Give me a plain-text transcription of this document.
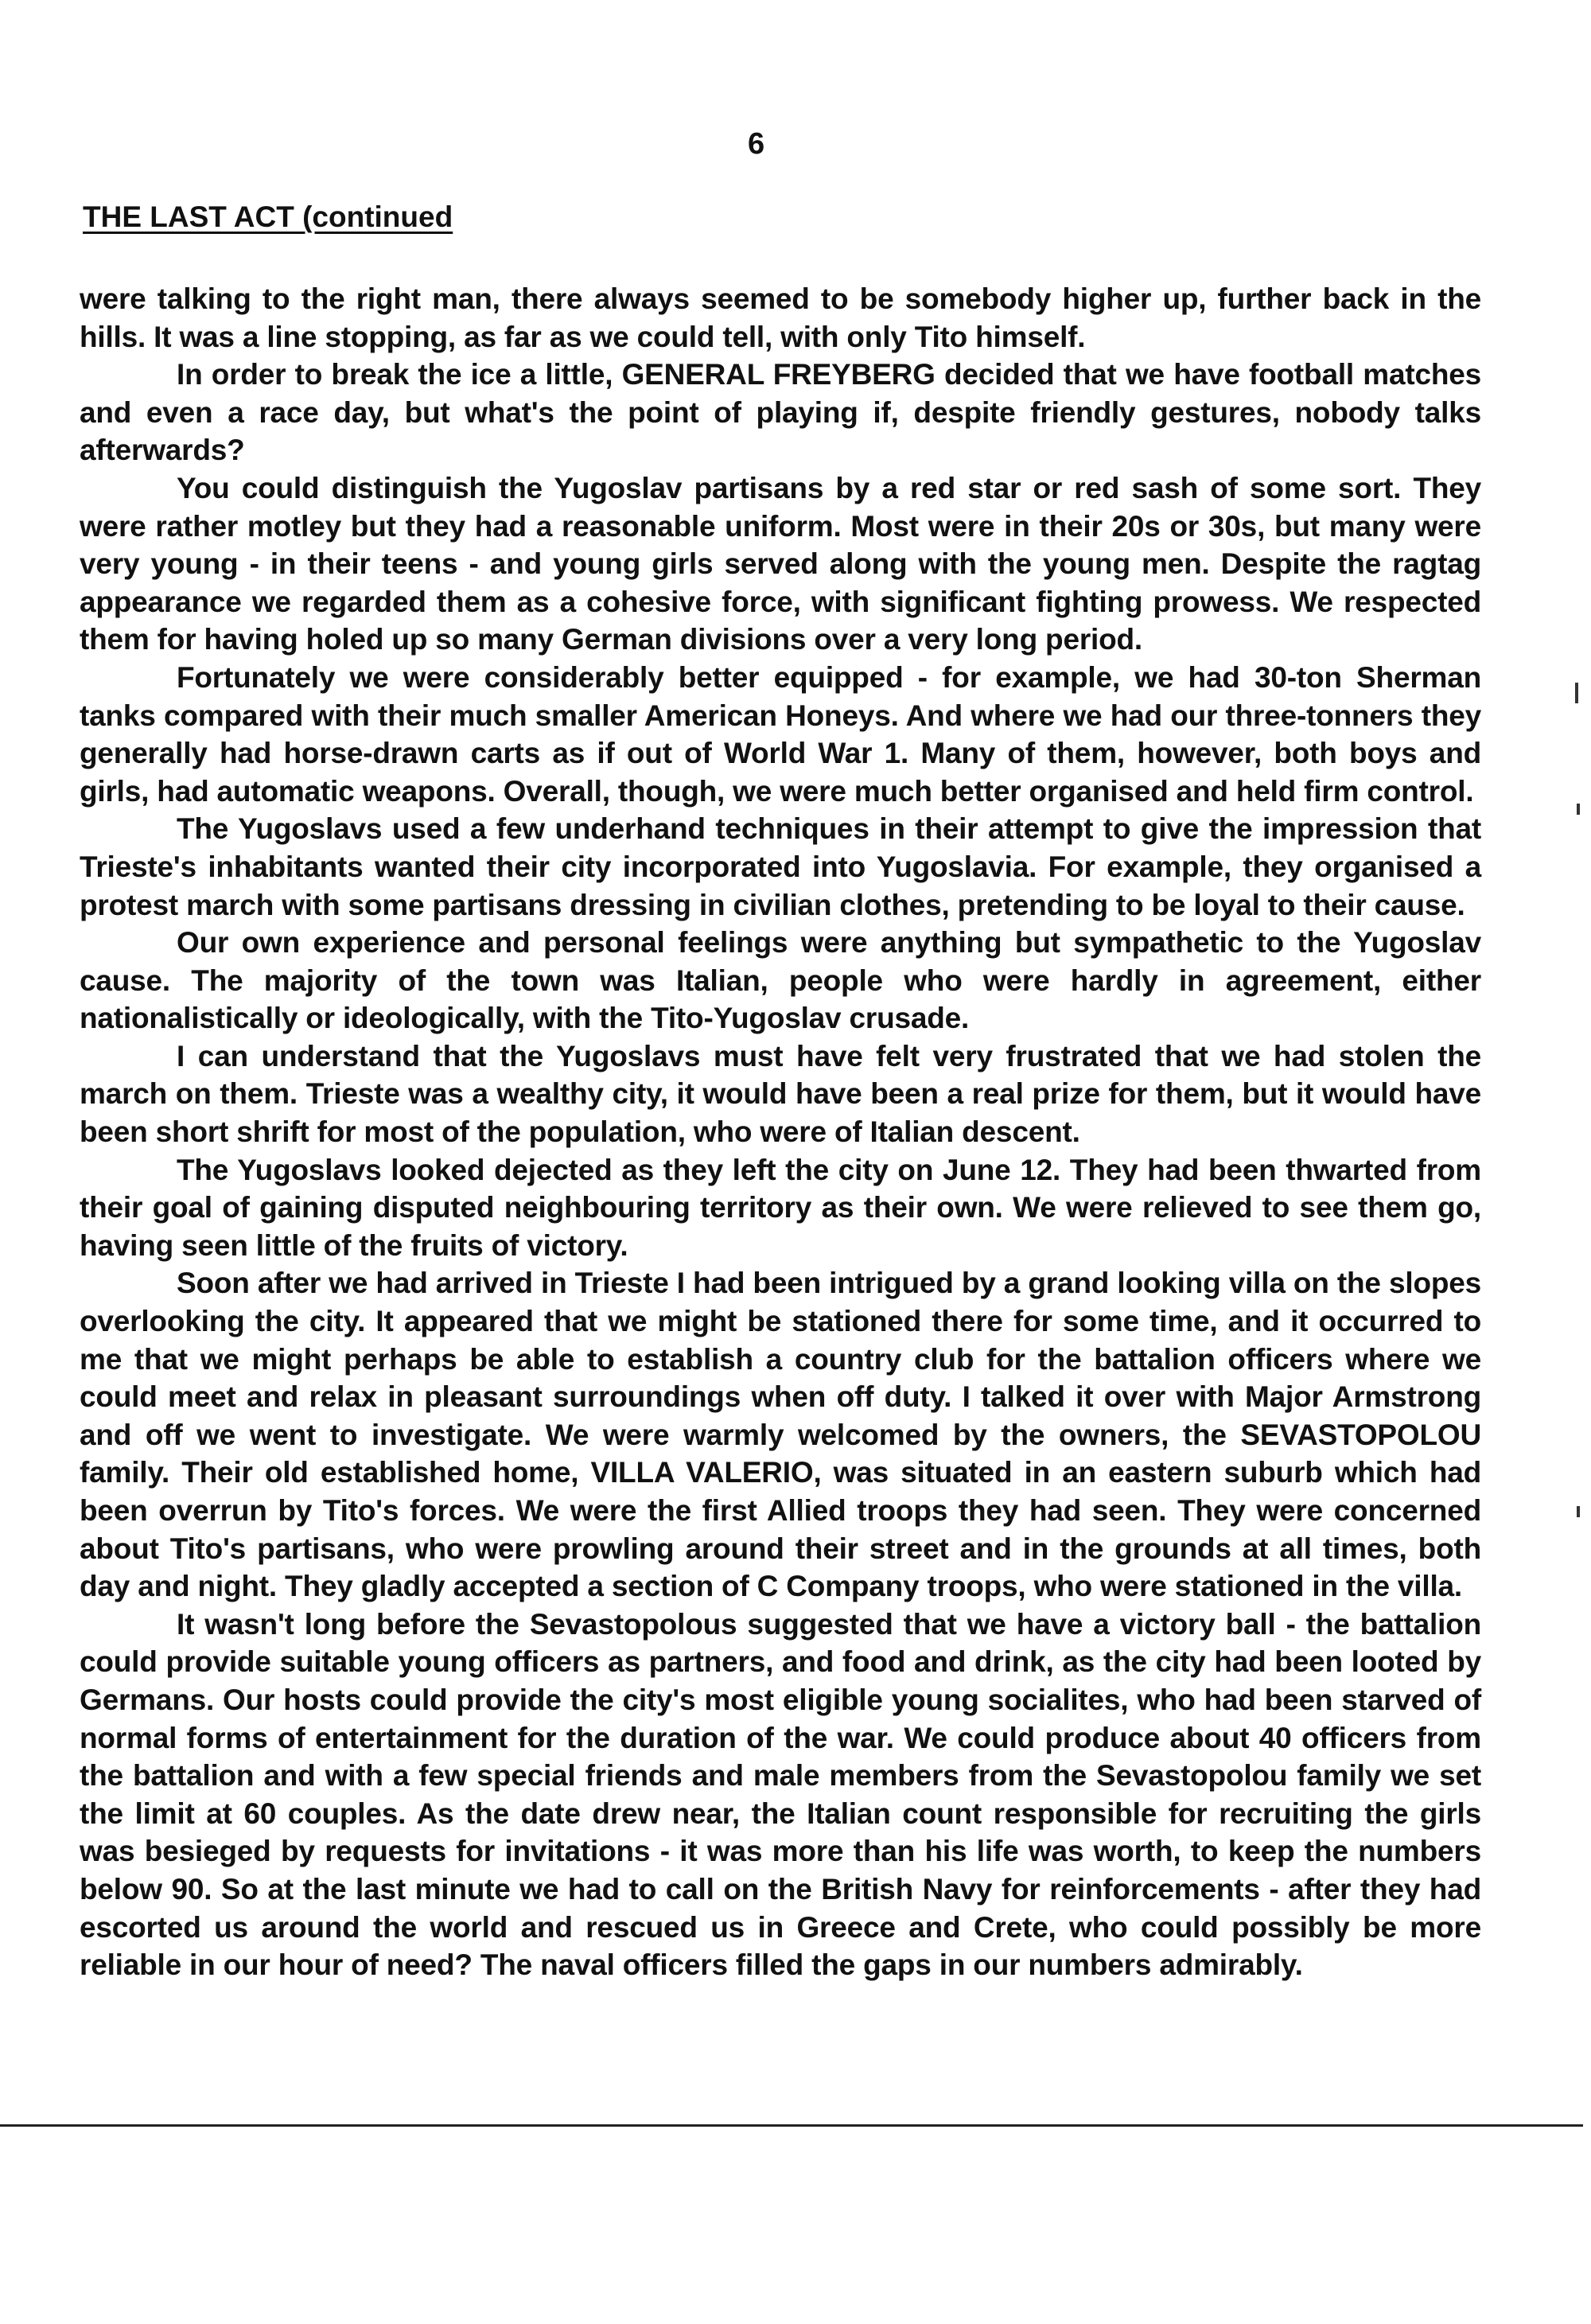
6
THE LAST ACT (continued

were talking to the right man, there always seemed to be somebody higher up, further back in the hills. It was a line stopping, as far as we could tell, with only Tito himself.

In order to break the ice a little, GENERAL FREYBERG decided that we have football matches and even a race day, but what's the point of playing if, despite friendly gestures, nobody talks afterwards?

You could distinguish the Yugoslav partisans by a red star or red sash of some sort. They were rather motley but they had a reasonable uniform. Most were in their 20s or 30s, but many were very young - in their teens - and young girls served along with the young men. Despite the ragtag appearance we regarded them as a cohesive force, with significant fighting prowess. We respected them for having holed up so many German divisions over a very long period.

Fortunately we were considerably better equipped - for example, we had 30-ton Sherman tanks compared with their much smaller American Honeys. And where we had our three-tonners they generally had horse-drawn carts as if out of World War 1. Many of them, however, both boys and girls, had automatic weapons. Overall, though, we were much better organised and held firm control.

The Yugoslavs used a few underhand techniques in their attempt to give the impression that Trieste's inhabitants wanted their city incorporated into Yugoslavia. For example, they organised a protest march with some partisans dressing in civilian clothes, pretending to be loyal to their cause.

Our own experience and personal feelings were anything but sympathetic to the Yugoslav cause. The majority of the town was Italian, people who were hardly in agreement, either nationalistically or ideologically, with the Tito-Yugoslav crusade.

I can understand that the Yugoslavs must have felt very frustrated that we had stolen the march on them. Trieste was a wealthy city, it would have been a real prize for them, but it would have been short shrift for most of the population, who were of Italian descent.

The Yugoslavs looked dejected as they left the city on June 12. They had been thwarted from their goal of gaining disputed neighbouring territory as their own. We were relieved to see them go, having seen little of the fruits of victory.

Soon after we had arrived in Trieste I had been intrigued by a grand looking villa on the slopes overlooking the city. It appeared that we might be stationed there for some time, and it occurred to me that we might perhaps be able to establish a country club for the battalion officers where we could meet and relax in pleasant surroundings when off duty. I talked it over with Major Armstrong and off we went to investigate. We were warmly welcomed by the owners, the SEVASTOPOLOU family. Their old established home, VILLA VALERIO, was situated in an eastern suburb which had been overrun by Tito's forces. We were the first Allied troops they had seen. They were concerned about Tito's partisans, who were prowling around their street and in the grounds at all times, both day and night. They gladly accepted a section of C Company troops, who were stationed in the villa.

It wasn't long before the Sevastopolous suggested that we have a victory ball - the battalion could provide suitable young officers as partners, and food and drink, as the city had been looted by Germans. Our hosts could provide the city's most eligible young socialites, who had been starved of normal forms of entertainment for the duration of the war. We could produce about 40 officers from the battalion and with a few special friends and male members from the Sevastopolou family we set the limit at 60 couples. As the date drew near, the Italian count responsible for recruiting the girls was besieged by requests for invitations - it was more than his life was worth, to keep the numbers below 90. So at the last minute we had to call on the British Navy for reinforcements - after they had escorted us around the world and rescued us in Greece and Crete, who could possibly be more reliable in our hour of need? The naval officers filled the gaps in our numbers admirably.
